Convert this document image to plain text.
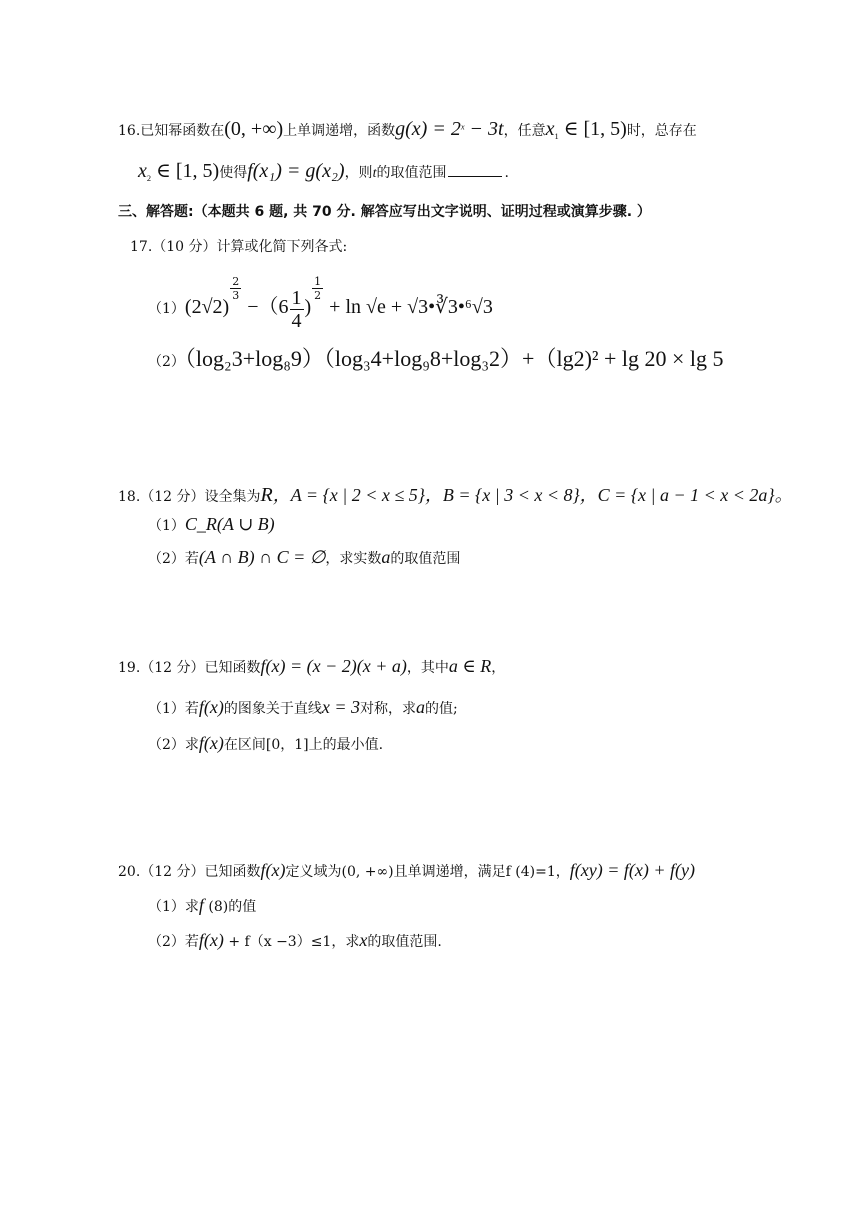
16.已知幂函数在(0, +∞)上单调递增，函数$g(x) = 2^x - 3t$，任意$x_1$ ∈ [1, 5)时，总存在
$x_2$ ∈ [1, 5)使得f(x₁) = g(x₂)，则t的取值范围	.
三、解答题:（本题共 6 题, 共 70 分. 解答应写出文字说明、证明过程或演算步骤. ）
17.（10 分）计算或化简下列各式:
（1）(2√2)
$\frac{2}{3}$
$-(6 \frac{1}{4}$ )
$\frac{1}{2}$
+ ln √e + √3•∛3•⁶√3
（2）（log₂3+log₈9）（log₃4+log₉8+log₃2）+（lg2)² + lg 20 × lg 5
18.（12 分）设全集为R，A = {x | 2 < x ≤ 5}，B = {x | 3 < x < 8}，C = {x | a − 1 < x < 2a}。
（1）C_R(A ∪ B)
（2）若(A ∩ B) ∩ C = ∅，求实数a的取值范围
19.（12 分）已知函数f(x) = (x − 2)(x + a)，其中a ∈ R，
（1）若f(x)的图象关于直线x = 3对称，求a的值;
（2）求f(x)在区间[0，1]上的最小值.
20.（12 分）已知函数f(x)定义域为(0, +∞)且单调递增，满足f (4)=1，f(xy) = f(x) + f(y)
（1）求f (8)的值
（2）若f(x) + f（x −3）≤1，求x的取值范围.
